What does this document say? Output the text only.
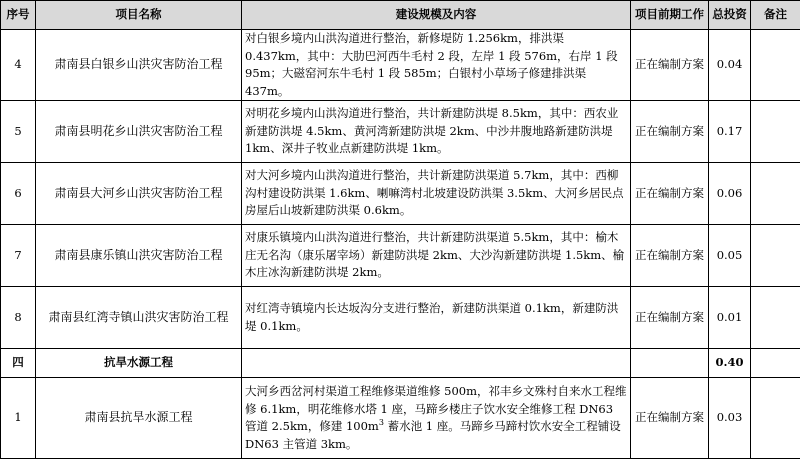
序号	项目名称	建设规模及内容	项目前期工作	总投资	备注
4	肃南县白银乡山洪灾害防治工程	对白银乡境内山洪沟道进行整治，新修堤防 1.256km，排洪渠 0.437km，其中：大肋巴河西牛毛村 2 段，左岸 1 段 576m，右岸 1 段 95m；大磁窑河东牛毛村 1 段 585m；白银村小草场子修建排洪渠 437m。	正在编制方案	0.04	
5	肃南县明花乡山洪灾害防治工程	对明花乡境内山洪沟道进行整治，共计新建防洪堤 8.5km，其中：西农业新建防洪堤 4.5km、黄河湾新建防洪堤 2km、中沙井腹地路新建防洪堤 1km、深井子牧业点新建防洪堤 1km。	正在编制方案	0.17	
6	肃南县大河乡山洪灾害防治工程	对大河乡境内山洪沟道进行整治，共计新建防洪渠道 5.7km，其中：西柳沟村建设防洪渠 1.6km、喇嘛湾村北坡建设防洪渠 3.5km、大河乡居民点房屋后山坡新建防洪渠 0.6km。	正在编制方案	0.06	
7	肃南县康乐镇山洪灾害防治工程	对康乐镇境内山洪沟道进行整治，共计新建防洪渠道 5.5km，其中：榆木庄无名沟（康乐屠宰场）新建防洪堤 2km、大沙沟新建防洪堤 1.5km、榆木庄冰沟新建防洪堤 2km。	正在编制方案	0.05	
8	肃南县红湾寺镇山洪灾害防治工程	对红湾寺镇境内长达坂沟分支进行整治，新建防洪渠道 0.1km，新建防洪堤 0.1km。	正在编制方案	0.01	
四	抗旱水源工程			0.40	
1	肃南县抗旱水源工程	大河乡西岔河村渠道工程维修渠道维修 500m，祁丰乡文殊村自来水工程维修 6.1km，明花维修水塔 1 座，马蹄乡楼庄子饮水安全维修工程 DN63 管道 2.5km，修建 $100m^3$ 蓄水池 1 座。马蹄乡马蹄村饮水安全工程铺设 DN63 主管道 3km。	正在编制方案	0.03	
